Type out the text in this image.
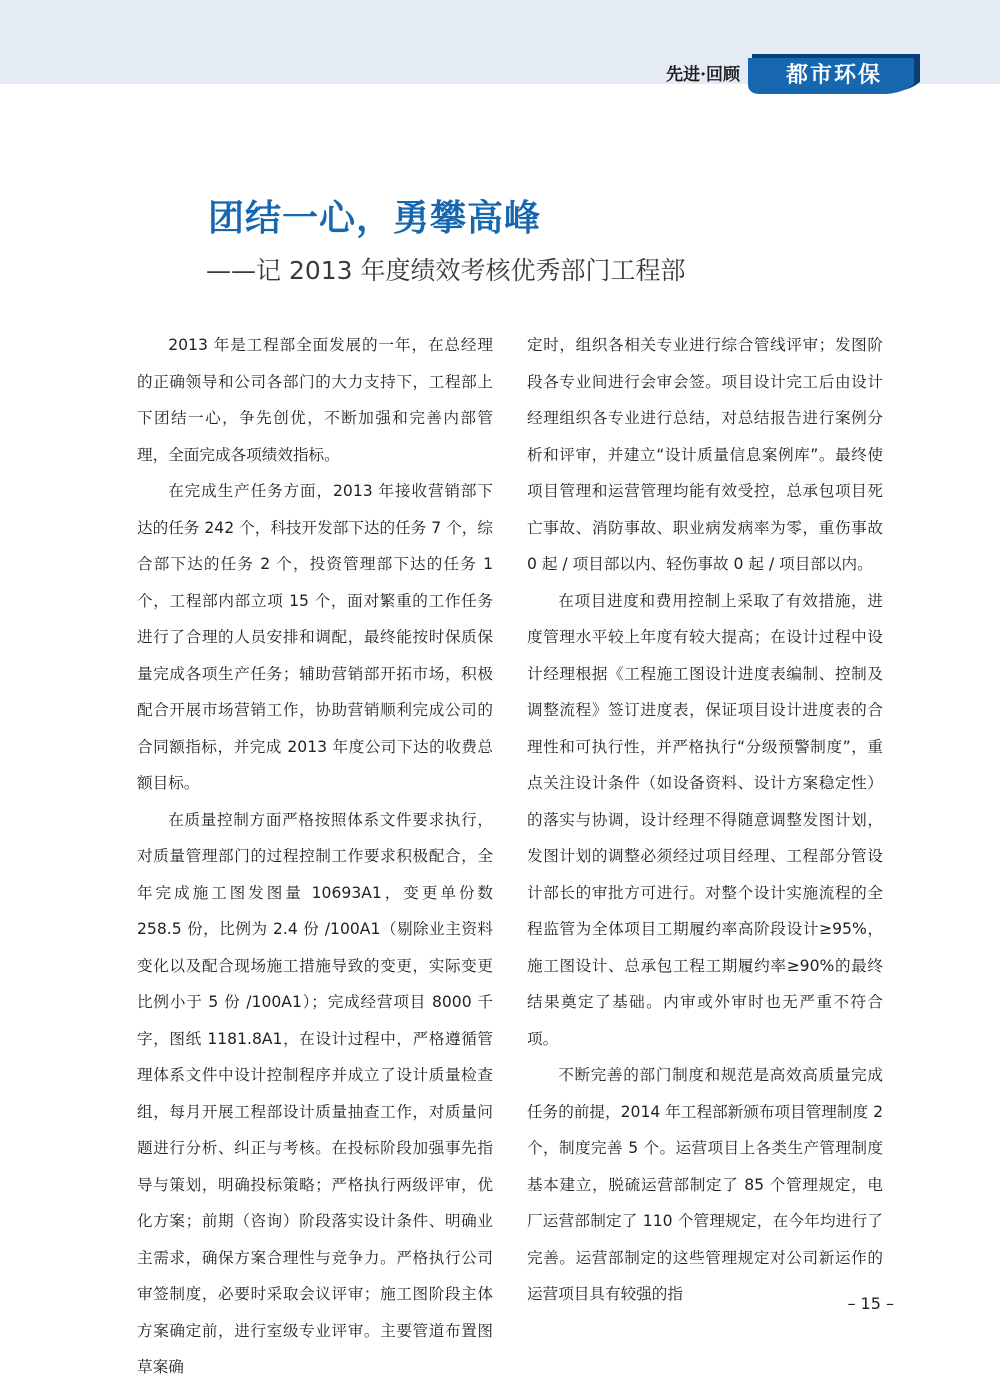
先进·回顾	都市环保
团结一心，勇攀高峰
——记 2013 年度绩效考核优秀部门工程部

2013 年是工程部全面发展的一年，在总经理的正确领导和公司各部门的大力支持下，工程部上下团结一心，争先创优，不断加强和完善内部管理，全面完成各项绩效指标。

在完成生产任务方面，2013 年接收营销部下达的任务 242 个，科技开发部下达的任务 7 个，综合部下达的任务 2 个，投资管理部下达的任务 1 个，工程部内部立项 15 个，面对繁重的工作任务进行了合理的人员安排和调配，最终能按时保质保量完成各项生产任务；辅助营销部开拓市场，积极配合开展市场营销工作，协助营销顺利完成公司的合同额指标，并完成 2013 年度公司下达的收费总额目标。

在质量控制方面严格按照体系文件要求执行，对质量管理部门的过程控制工作要求积极配合，全年完成施工图发图量 10693A1，变更单份数 258.5 份，比例为 2.4 份 /100A1（剔除业主资料变化以及配合现场施工措施导致的变更，实际变更比例小于 5 份 /100A1）；完成经营项目 8000 千字，图纸 1181.8A1，在设计过程中，严格遵循管理体系文件中设计控制程序并成立了设计质量检查组，每月开展工程部设计质量抽查工作，对质量问题进行分析、纠正与考核。在投标阶段加强事先指导与策划，明确投标策略；严格执行两级评审，优化方案；前期（咨询）阶段落实设计条件、明确业主需求，确保方案合理性与竞争力。严格执行公司审签制度，必要时采取会议评审；施工图阶段主体方案确定前，进行室级专业评审。主要管道布置图草案确

定时，组织各相关专业进行综合管线评审；发图阶段各专业间进行会审会签。项目设计完工后由设计经理组织各专业进行总结，对总结报告进行案例分析和评审，并建立“设计质量信息案例库”。最终使项目管理和运营管理均能有效受控，总承包项目死亡事故、消防事故、职业病发病率为零，重伤事故 0 起 / 项目部以内、轻伤事故 0 起 / 项目部以内。

在项目进度和费用控制上采取了有效措施，进度管理水平较上年度有较大提高；在设计过程中设计经理根据《工程施工图设计进度表编制、控制及调整流程》签订进度表，保证项目设计进度表的合理性和可执行性，并严格执行“分级预警制度”，重点关注设计条件（如设备资料、设计方案稳定性）的落实与协调，设计经理不得随意调整发图计划，发图计划的调整必须经过项目经理、工程部分管设计部长的审批方可进行。对整个设计实施流程的全程监管为全体项目工期履约率高阶段设计≥95%，施工图设计、总承包工程工期履约率≥90%的最终结果奠定了基础。内审或外审时也无严重不符合项。

不断完善的部门制度和规范是高效高质量完成任务的前提，2014 年工程部新颁布项目管理制度 2 个，制度完善 5 个。运营项目上各类生产管理制度基本建立，脱硫运营部制定了 85 个管理规定，电厂运营部制定了 110 个管理规定，在今年均进行了完善。运营部制定的这些管理规定对公司新运作的运营项目具有较强的指	– 15 –
